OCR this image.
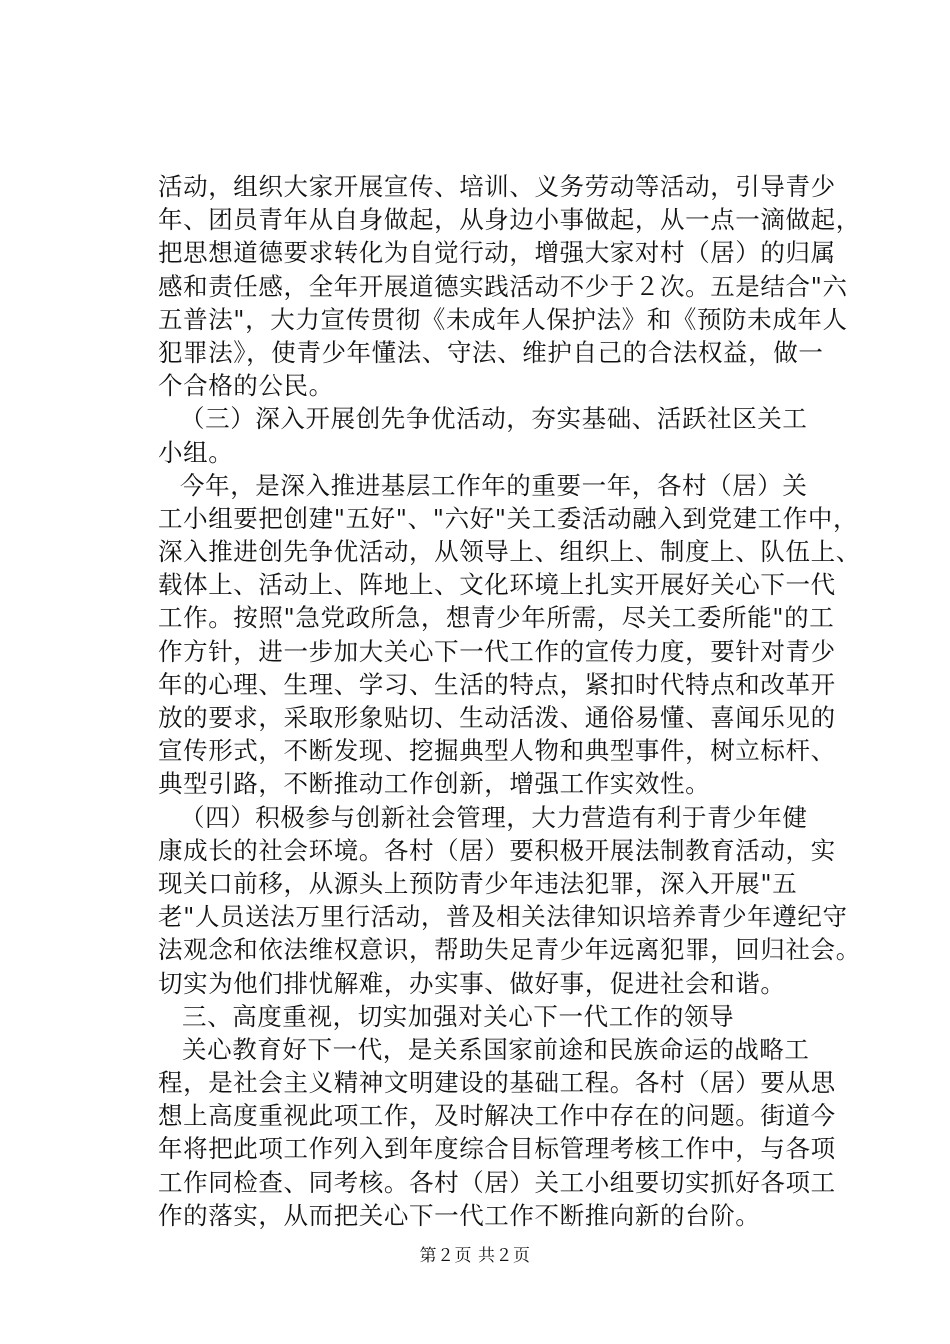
活动，组织大家开展宣传、培训、义务劳动等活动，引导青少
年、团员青年从自身做起，从身边小事做起，从一点一滴做起，
把思想道德要求转化为自觉行动，增强大家对村（居）的归属
感和责任感，全年开展道德实践活动不少于２次。五是结合"六
五普法"，大力宣传贯彻《未成年人保护法》和《预防未成年人
犯罪法》，使青少年懂法、守法、维护自己的合法权益，做一
个合格的公民。
（三）深入开展创先争优活动，夯实基础、活跃社区关工
小组。
今年，是深入推进基层工作年的重要一年，各村（居）关
工小组要把创建"五好"、"六好"关工委活动融入到党建工作中，
深入推进创先争优活动，从领导上、组织上、制度上、队伍上、
载体上、活动上、阵地上、文化环境上扎实开展好关心下一代
工作。按照"急党政所急，想青少年所需，尽关工委所能"的工
作方针，进一步加大关心下一代工作的宣传力度，要针对青少
年的心理、生理、学习、生活的特点，紧扣时代特点和改革开
放的要求，采取形象贴切、生动活泼、通俗易懂、喜闻乐见的
宣传形式，不断发现、挖掘典型人物和典型事件，树立标杆、
典型引路，不断推动工作创新，增强工作实效性。
（四）积极参与创新社会管理，大力营造有利于青少年健
康成长的社会环境。各村（居）要积极开展法制教育活动，实
现关口前移，从源头上预防青少年违法犯罪，深入开展"五
老"人员送法万里行活动，普及相关法律知识培养青少年遵纪守
法观念和依法维权意识，帮助失足青少年远离犯罪，回归社会。
切实为他们排忧解难，办实事、做好事，促进社会和谐。
三、高度重视，切实加强对关心下一代工作的领导
关心教育好下一代，是关系国家前途和民族命运的战略工
程，是社会主义精神文明建设的基础工程。各村（居）要从思
想上高度重视此项工作，及时解决工作中存在的问题。街道今
年将把此项工作列入到年度综合目标管理考核工作中，与各项
工作同检查、同考核。各村（居）关工小组要切实抓好各项工
作的落实，从而把关心下一代工作不断推向新的台阶。
第２页 共２页
